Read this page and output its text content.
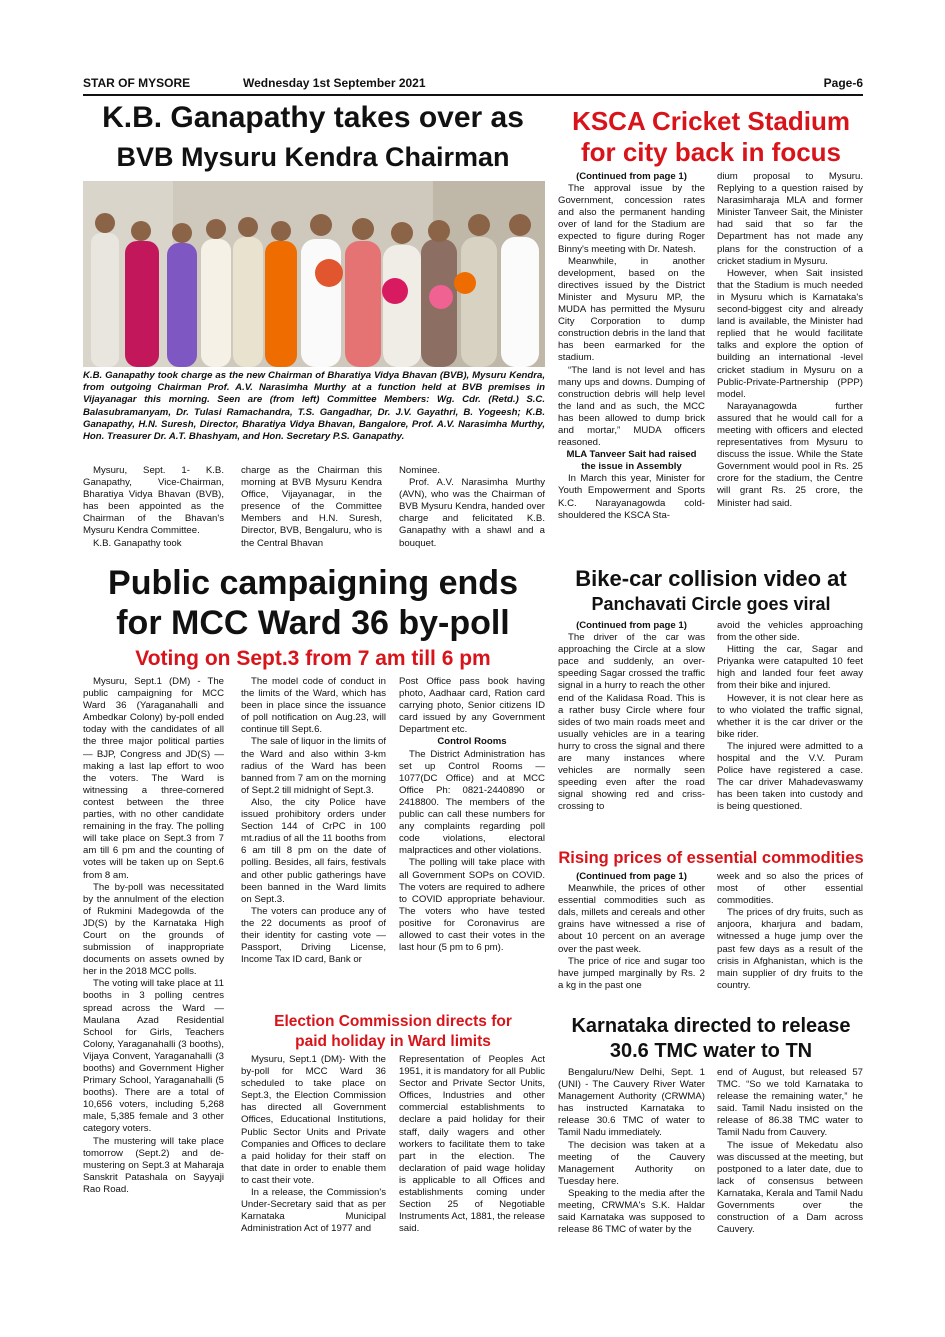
STAR OF MYSORE	Wednesday 1st September 2021	Page-6
K.B. Ganapathy takes over as
BVB Mysuru Kendra Chairman
K.B. Ganapathy took charge as the new Chairman of Bharatiya Vidya Bhavan (BVB), Mysuru Kendra, from outgoing Chairman Prof. A.V. Narasimha Murthy at a function held at BVB premises in Vijayanagar this morning. Seen are (from left) Committee Members: Wg. Cdr. (Retd.) S.C. Balasubramanyam, Dr. Tulasi Ramachandra, T.S. Gangadhar, Dr. J.V. Gayathri, B. Yogeesh; K.B. Ganapathy, H.N. Suresh, Director, Bharatiya Vidya Bhavan, Bangalore, Prof. A.V. Narasimha Murthy, Hon. Treasurer Dr. A.T. Bhashyam, and Hon. Secretary P.S. Ganapathy.

Mysuru, Sept. 1- K.B. Ganapathy, Vice-Chairman, Bharatiya Vidya Bhavan (BVB), has been appointed as the Chairman of the Bhavan's Mysuru Kendra Committee.

K.B. Ganapathy took

charge as the Chairman this morning at BVB Mysuru Kendra Office, Vijayanagar, in the presence of the Committee Members and H.N. Suresh, Director, BVB, Bengaluru, who is the Central Bhavan

Nominee.

Prof. A.V. Narasimha Murthy (AVN), who was the Chairman of BVB Mysuru Kendra, handed over charge and felicitated K.B. Ganapathy with a shawl and a bouquet.

KSCA Cricket Stadium
for city back in focus

(Continued from page 1)

The approval issue by the Government, concession rates and also the permanent handing over of land for the Stadium are expected to figure during Roger Binny's meeting with Dr. Natesh.

Meanwhile, in another development, based on the directives issued by the District Minister and Mysuru MP, the MUDA has permitted the Mysuru City Corporation to dump construction debris in the land that has been earmarked for the stadium.

“The land is not level and has many ups and downs. Dumping of construction debris will help level the land and as such, the MCC has been allowed to dump brick and mortar,” MUDA officers reasoned.

MLA Tanveer Sait had raised the issue in Assembly

In March this year, Minister for Youth Empowerment and Sports K.C. Narayanagowda cold-shouldered the KSCA Sta-

dium proposal to Mysuru. Replying to a question raised by Narasimharaja MLA and former Minister Tanveer Sait, the Minister had said that so far the Department has not made any plans for the construction of a cricket stadium in Mysuru.

However, when Sait insisted that the Stadium is much needed in Mysuru which is Karnataka's second-biggest city and already land is available, the Minister had replied that he would facilitate talks and explore the option of building an international -level cricket stadium in Mysuru on a Public-Private-Partnership (PPP) model.

Narayanagowda further assured that he would call for a meeting with officers and elected representatives from Mysuru to discuss the issue. While the State Government would pool in Rs. 25 crore for the stadium, the Centre will grant Rs. 25 crore, the Minister had said.

Public campaigning ends
for MCC Ward 36 by-poll
Voting on Sept.3 from 7 am till 6 pm

Mysuru, Sept.1 (DM) - The public campaigning for MCC Ward 36 (Yaraganahalli and Ambedkar Colony) by-poll ended today with the candidates of all the three major political parties — BJP, Congress and JD(S) — making a last lap effort to woo the voters. The Ward is witnessing a three-cornered contest between the three parties, with no other candidate remaining in the fray. The polling will take place on Sept.3 from 7 am till 6 pm and the counting of votes will be taken up on Sept.6 from 8 am.

The by-poll was necessitated by the annulment of the election of Rukmini Madegowda of the JD(S) by the Karnataka High Court on the grounds of submission of inappropriate documents on assets owned by her in the 2018 MCC polls.

The voting will take place at 11 booths in 3 polling centres spread across the Ward — Maulana Azad Residential School for Girls, Teachers Colony, Yaraganahalli (3 booths), Vijaya Convent, Yaraganahalli (3 booths) and Government Higher Primary School, Yaraganahalli (5 booths). There are a total of 10,656 voters, including 5,268 male, 5,385 female and 3 other category voters.

The mustering will take place tomorrow (Sept.2) and de-mustering on Sept.3 at Maharaja Sanskrit Patashala on Sayyaji Rao Road.

The model code of conduct in the limits of the Ward, which has been in place since the issuance of poll notification on Aug.23, will continue till Sept.6.

The sale of liquor in the limits of the Ward and also within 3-km radius of the Ward has been banned from 7 am on the morning of Sept.2 till midnight of Sept.3.

Also, the city Police have issued prohibitory orders under Section 144 of CrPC in 100 mt.radius of all the 11 booths from 6 am till 8 pm on the date of polling. Besides, all fairs, festivals and other public gatherings have been banned in the Ward limits on Sept.3.

The voters can produce any of the 22 documents as proof of their identity for casting vote — Passport, Driving License, Income Tax ID card, Bank or

Post Office pass book having photo, Aadhaar card, Ration card carrying photo, Senior citizens ID card issued by any Government Department etc.

Control Rooms

The District Administration has set up Control Rooms — 1077(DC Office) and at MCC Office Ph: 0821-2440890 or 2418800. The members of the public can call these numbers for any complaints regarding poll code violations, electoral malpractices and other violations.

The polling will take place with all Government SOPs on COVID. The voters are required to adhere to COVID appropriate behaviour. The voters who have tested positive for Coronavirus are allowed to cast their votes in the last hour (5 pm to 6 pm).

Election Commission directs for
paid holiday in Ward limits

Mysuru, Sept.1 (DM)- With the by-poll for MCC Ward 36 scheduled to take place on Sept.3, the Election Commission has directed all Government Offices, Educational Institutions, Public Sector Units and Private Companies and Offices to declare a paid holiday for their staff on that date in order to enable them to cast their vote.

In a release, the Commission's Under-Secretary said that as per Karnataka Municipal Administration Act of 1977 and

Representation of Peoples Act 1951, it is mandatory for all Public Sector and Private Sector Units, Offices, Industries and other commercial establishments to declare a paid holiday for their staff, daily wagers and other workers to facilitate them to take part in the election. The declaration of paid wage holiday is applicable to all Offices and establishments coming under Section 25 of Negotiable Instruments Act, 1881, the release said.

Bike-car collision video at
Panchavati Circle goes viral

(Continued from page 1)

The driver of the car was approaching the Circle at a slow pace and suddenly, an over-speeding Sagar crossed the traffic signal in a hurry to reach the other end of the Kalidasa Road. This is a rather busy Circle where four sides of two main roads meet and usually vehicles are in a tearing hurry to cross the signal and there are many instances where vehicles are normally seen speeding even after the road signal showing red and criss-crossing to

avoid the vehicles approaching from the other side.

Hitting the car, Sagar and Priyanka were catapulted 10 feet high and landed four feet away from their bike and injured.

However, it is not clear here as to who violated the traffic signal, whether it is the car driver or the bike rider.

The injured were admitted to a hospital and the V.V. Puram Police have registered a case. The car driver Mahadevaswamy has been taken into custody and is being questioned.

Rising prices of essential commodities

(Continued from page 1)

Meanwhile, the prices of other essential commodities such as dals, millets and cereals and other grains have witnessed a rise of about 10 percent on an average over the past week.

The price of rice and sugar too have jumped marginally by Rs. 2 a kg in the past one

week and so also the prices of most of other essential commodities.

The prices of dry fruits, such as anjoora, kharjura and badam, witnessed a huge jump over the past few days as a result of the crisis in Afghanistan, which is the main supplier of dry fruits to the country.

Karnataka directed to release
30.6 TMC water to TN

Bengaluru/New Delhi, Sept. 1 (UNI) - The Cauvery River Water Management Authority (CRWMA) has instructed Karnataka to release 30.6 TMC of water to Tamil Nadu immediately.

The decision was taken at a meeting of the Cauvery Management Authority on Tuesday here.

Speaking to the media after the meeting, CRWMA's S.K. Haldar said Karnataka was supposed to release 86 TMC of water by the

end of August, but released 57 TMC. “So we told Karnataka to release the remaining water,” he said. Tamil Nadu insisted on the release of 86.38 TMC water to Tamil Nadu from Cauvery.

The issue of Mekedatu also was discussed at the meeting, but postponed to a later date, due to lack of consensus between Karnataka, Kerala and Tamil Nadu Governments over the construction of a Dam across Cauvery.
